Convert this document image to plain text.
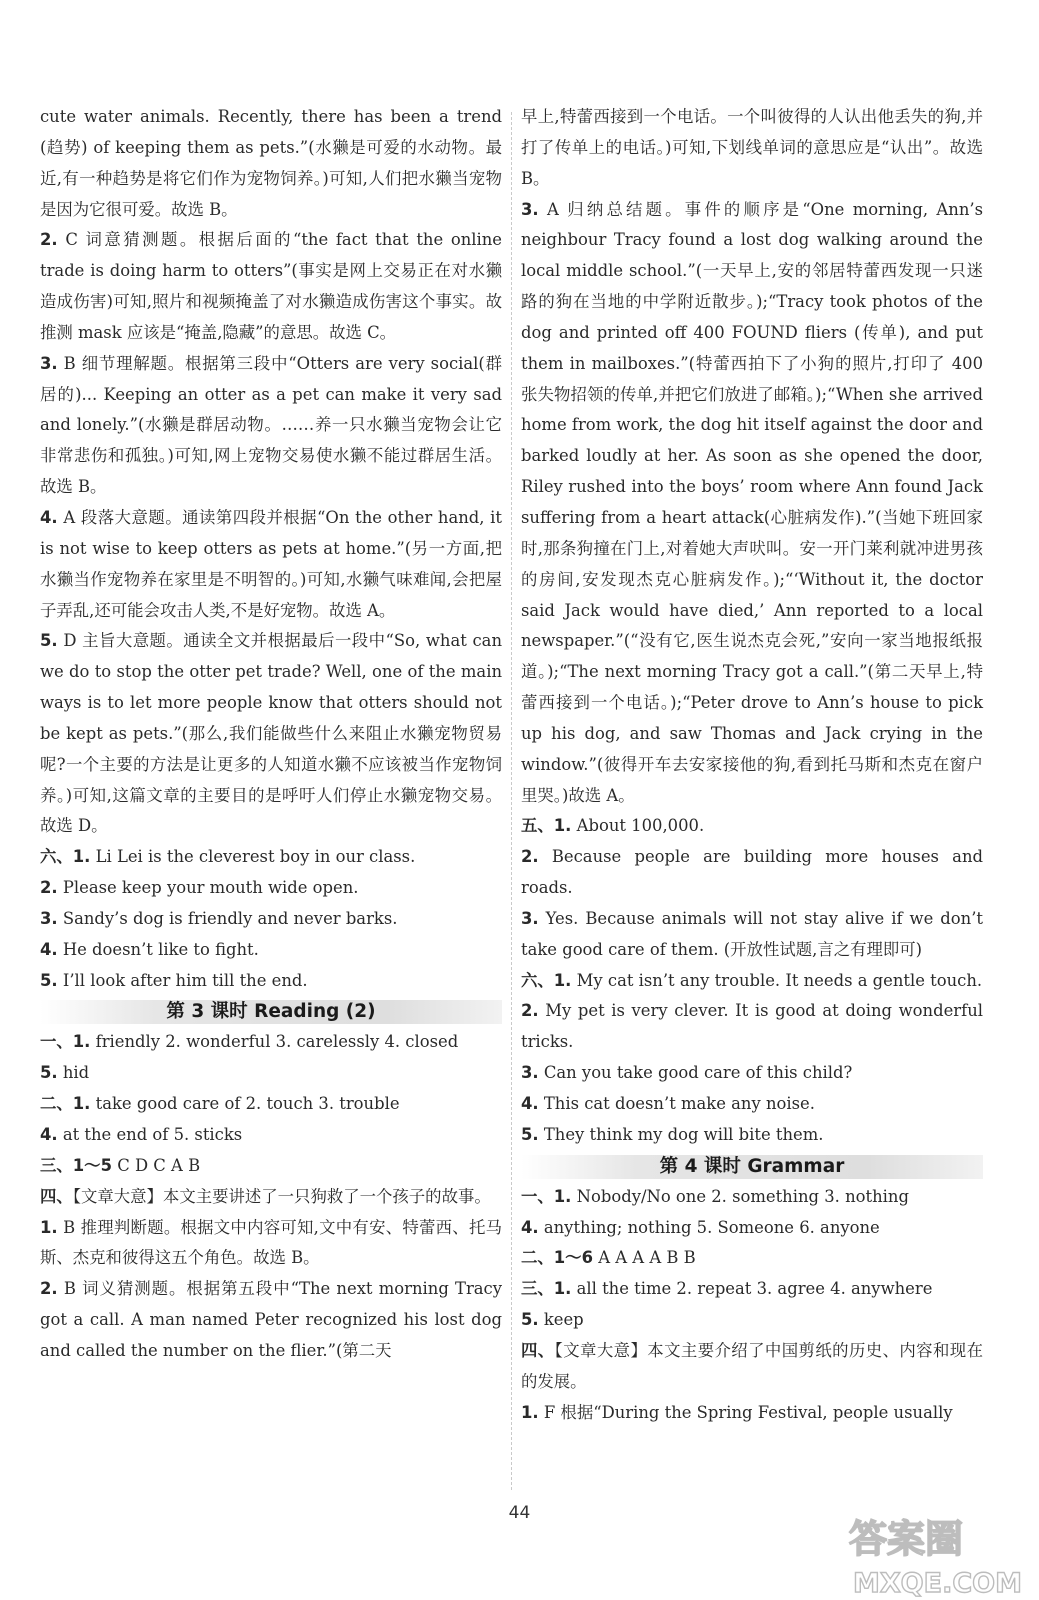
cute water animals. Recently, there has been a trend (趋势) of keeping them as pets.”(水獭是可爱的水动物。最近,有一种趋势是将它们作为宠物饲养。)可知,人们把水獭当宠物是因为它很可爱。故选 B。
2. C 词意猜测题。根据后面的“the fact that the online trade is doing harm to otters”(事实是网上交易正在对水獭造成伤害)可知,照片和视频掩盖了对水獭造成伤害这个事实。故推测 mask 应该是“掩盖,隐藏”的意思。故选 C。
3. B 细节理解题。根据第三段中“Otters are very social(群居的)... Keeping an otter as a pet can make it very sad and lonely.”(水獭是群居动物。……养一只水獭当宠物会让它非常悲伤和孤独。)可知,网上宠物交易使水獭不能过群居生活。故选 B。
4. A 段落大意题。通读第四段并根据“On the other hand, it is not wise to keep otters as pets at home.”(另一方面,把水獭当作宠物养在家里是不明智的。)可知,水獭气味难闻,会把屋子弄乱,还可能会攻击人类,不是好宠物。故选 A。
5. D 主旨大意题。通读全文并根据最后一段中“So, what can we do to stop the otter pet trade? Well, one of the main ways is to let more people know that otters should not be kept as pets.”(那么,我们能做些什么来阻止水獭宠物贸易呢?一个主要的方法是让更多的人知道水獭不应该被当作宠物饲养。)可知,这篇文章的主要目的是呼吁人们停止水獭宠物交易。故选 D。
六、1. Li Lei is the cleverest boy in our class.
2. Please keep your mouth wide open.
3. Sandy’s dog is friendly and never barks.
4. He doesn’t like to fight.
5. I’ll look after him till the end.
第 3 课时 Reading (2)
一、1. friendly 2. wonderful 3. carelessly 4. closed
5. hid
二、1. take good care of 2. touch 3. trouble
4. at the end of 5. sticks
三、1～5 C D C A B
四、【文章大意】本文主要讲述了一只狗救了一个孩子的故事。
1. B 推理判断题。根据文中内容可知,文中有安、特蕾西、托马斯、杰克和彼得这五个角色。故选 B。
2. B 词义猜测题。根据第五段中“The next morning Tracy got a call. A man named Peter recognized his lost dog and called the number on the flier.”(第二天
早上,特蕾西接到一个电话。一个叫彼得的人认出他丢失的狗,并打了传单上的电话。)可知,下划线单词的意思应是“认出”。故选 B。
3. A 归纳总结题。事件的顺序是“One morning, Ann’s neighbour Tracy found a lost dog walking around the local middle school.”(一天早上,安的邻居特蕾西发现一只迷路的狗在当地的中学附近散步。);“Tracy took photos of the dog and printed off 400 FOUND fliers (传单), and put them in mailboxes.”(特蕾西拍下了小狗的照片,打印了 400 张失物招领的传单,并把它们放进了邮箱。);“When she arrived home from work, the dog hit itself against the door and barked loudly at her. As soon as she opened the door, Riley rushed into the boys’ room where Ann found Jack suffering from a heart attack(心脏病发作).”(当她下班回家时,那条狗撞在门上,对着她大声吠叫。安一开门莱利就冲进男孩的房间,安发现杰克心脏病发作。);“‘Without it, the doctor said Jack would have died,’ Ann reported to a local newspaper.”(“没有它,医生说杰克会死,”安向一家当地报纸报道。);“The next morning Tracy got a call.”(第二天早上,特蕾西接到一个电话。);“Peter drove to Ann’s house to pick up his dog, and saw Thomas and Jack crying in the window.”(彼得开车去安家接他的狗,看到托马斯和杰克在窗户里哭。)故选 A。
五、1. About 100,000.
2. Because people are building more houses and roads.
3. Yes. Because animals will not stay alive if we don’t take good care of them. (开放性试题,言之有理即可)
六、1. My cat isn’t any trouble. It needs a gentle touch.
2. My pet is very clever. It is good at doing wonderful tricks.
3. Can you take good care of this child?
4. This cat doesn’t make any noise.
5. They think my dog will bite them.
第 4 课时 Grammar
一、1. Nobody/No one 2. something 3. nothing
4. anything; nothing 5. Someone 6. anyone
二、1～6 A A A A B B
三、1. all the time 2. repeat 3. agree 4. anywhere
5. keep
四、【文章大意】本文主要介绍了中国剪纸的历史、内容和现在的发展。
1. F 根据“During the Spring Festival, people usually
44
答案圈
MXQE.COM
